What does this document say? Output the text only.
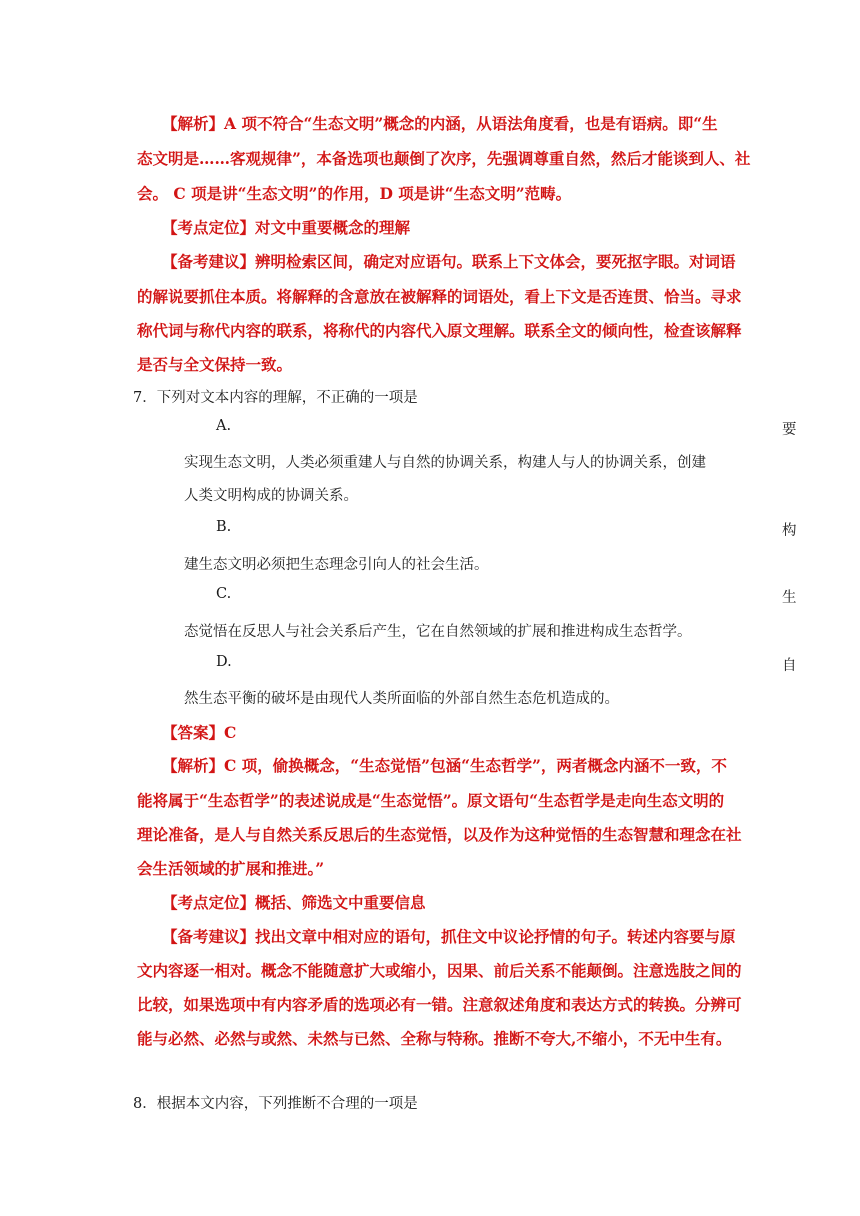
【解析】A 项不符合“生态文明”概念的内涵，从语法角度看，也是有语病。即“生
态文明是……客观规律”，本备选项也颠倒了次序，先强调尊重自然，然后才能谈到人、社
会。 C 项是讲“生态文明”的作用，D 项是讲“生态文明”范畴。
【考点定位】对文中重要概念的理解
【备考建议】辨明检索区间，确定对应语句。联系上下文体会，要死抠字眼。对词语
的解说要抓住本质。将解释的含意放在被解释的词语处，看上下文是否连贯、恰当。寻求
称代词与称代内容的联系，将称代的内容代入原文理解。联系全文的倾向性，检查该解释
是否与全文保持一致。
7．下列对文本内容的理解，不正确的一项是
A.	要
实现生态文明，人类必须重建人与自然的协调关系，构建人与人的协调关系，创建
人类文明构成的协调关系。
B.	构
建生态文明必须把生态理念引向人的社会生活。
C.	生
态觉悟在反思人与社会关系后产生，它在自然领域的扩展和推进构成生态哲学。
D.	自
然生态平衡的破坏是由现代人类所面临的外部自然生态危机造成的。
【答案】C
【解析】C 项，偷换概念，“生态觉悟”包涵“生态哲学”，两者概念内涵不一致，不
能将属于“生态哲学”的表述说成是“生态觉悟”。原文语句“生态哲学是走向生态文明的
理论准备，是人与自然关系反思后的生态觉悟，以及作为这种觉悟的生态智慧和理念在社
会生活领域的扩展和推进。”
【考点定位】概括、筛选文中重要信息
【备考建议】找出文章中相对应的语句，抓住文中议论抒情的句子。转述内容要与原
文内容逐一相对。概念不能随意扩大或缩小，因果、前后关系不能颠倒。注意选肢之间的
比较，如果选项中有内容矛盾的选项必有一错。注意叙述角度和表达方式的转换。分辨可
能与必然、必然与或然、未然与已然、全称与特称。推断不夸大,不缩小，不无中生有。
8．根据本文内容，下列推断不合理的一项是
